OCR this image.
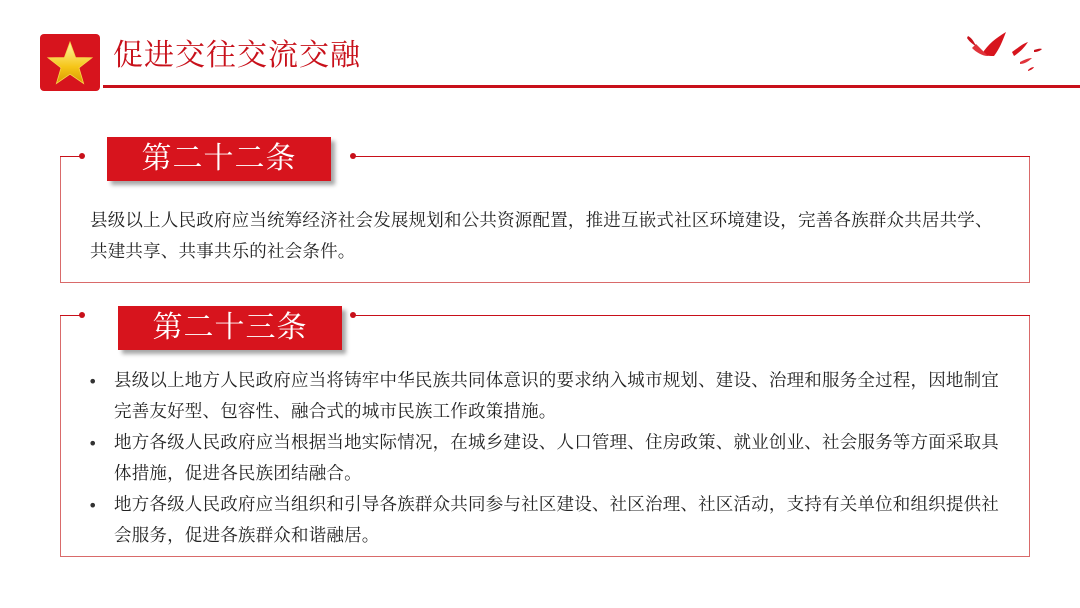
促进交往交流交融
第二十二条
县级以上人民政府应当统筹经济社会发展规划和公共资源配置，推进互嵌式社区环境建设，完善各族群众共居共学、共建共享、共事共乐的社会条件。
第二十三条
• 县级以上地方人民政府应当将铸牢中华民族共同体意识的要求纳入城市规划、建设、治理和服务全过程，因地制宜完善友好型、包容性、融合式的城市民族工作政策措施。
• 地方各级人民政府应当根据当地实际情况，在城乡建设、人口管理、住房政策、就业创业、社会服务等方面采取具体措施，促进各民族团结融合。
• 地方各级人民政府应当组织和引导各族群众共同参与社区建设、社区治理、社区活动，支持有关单位和组织提供社会服务，促进各族群众和谐融居。
